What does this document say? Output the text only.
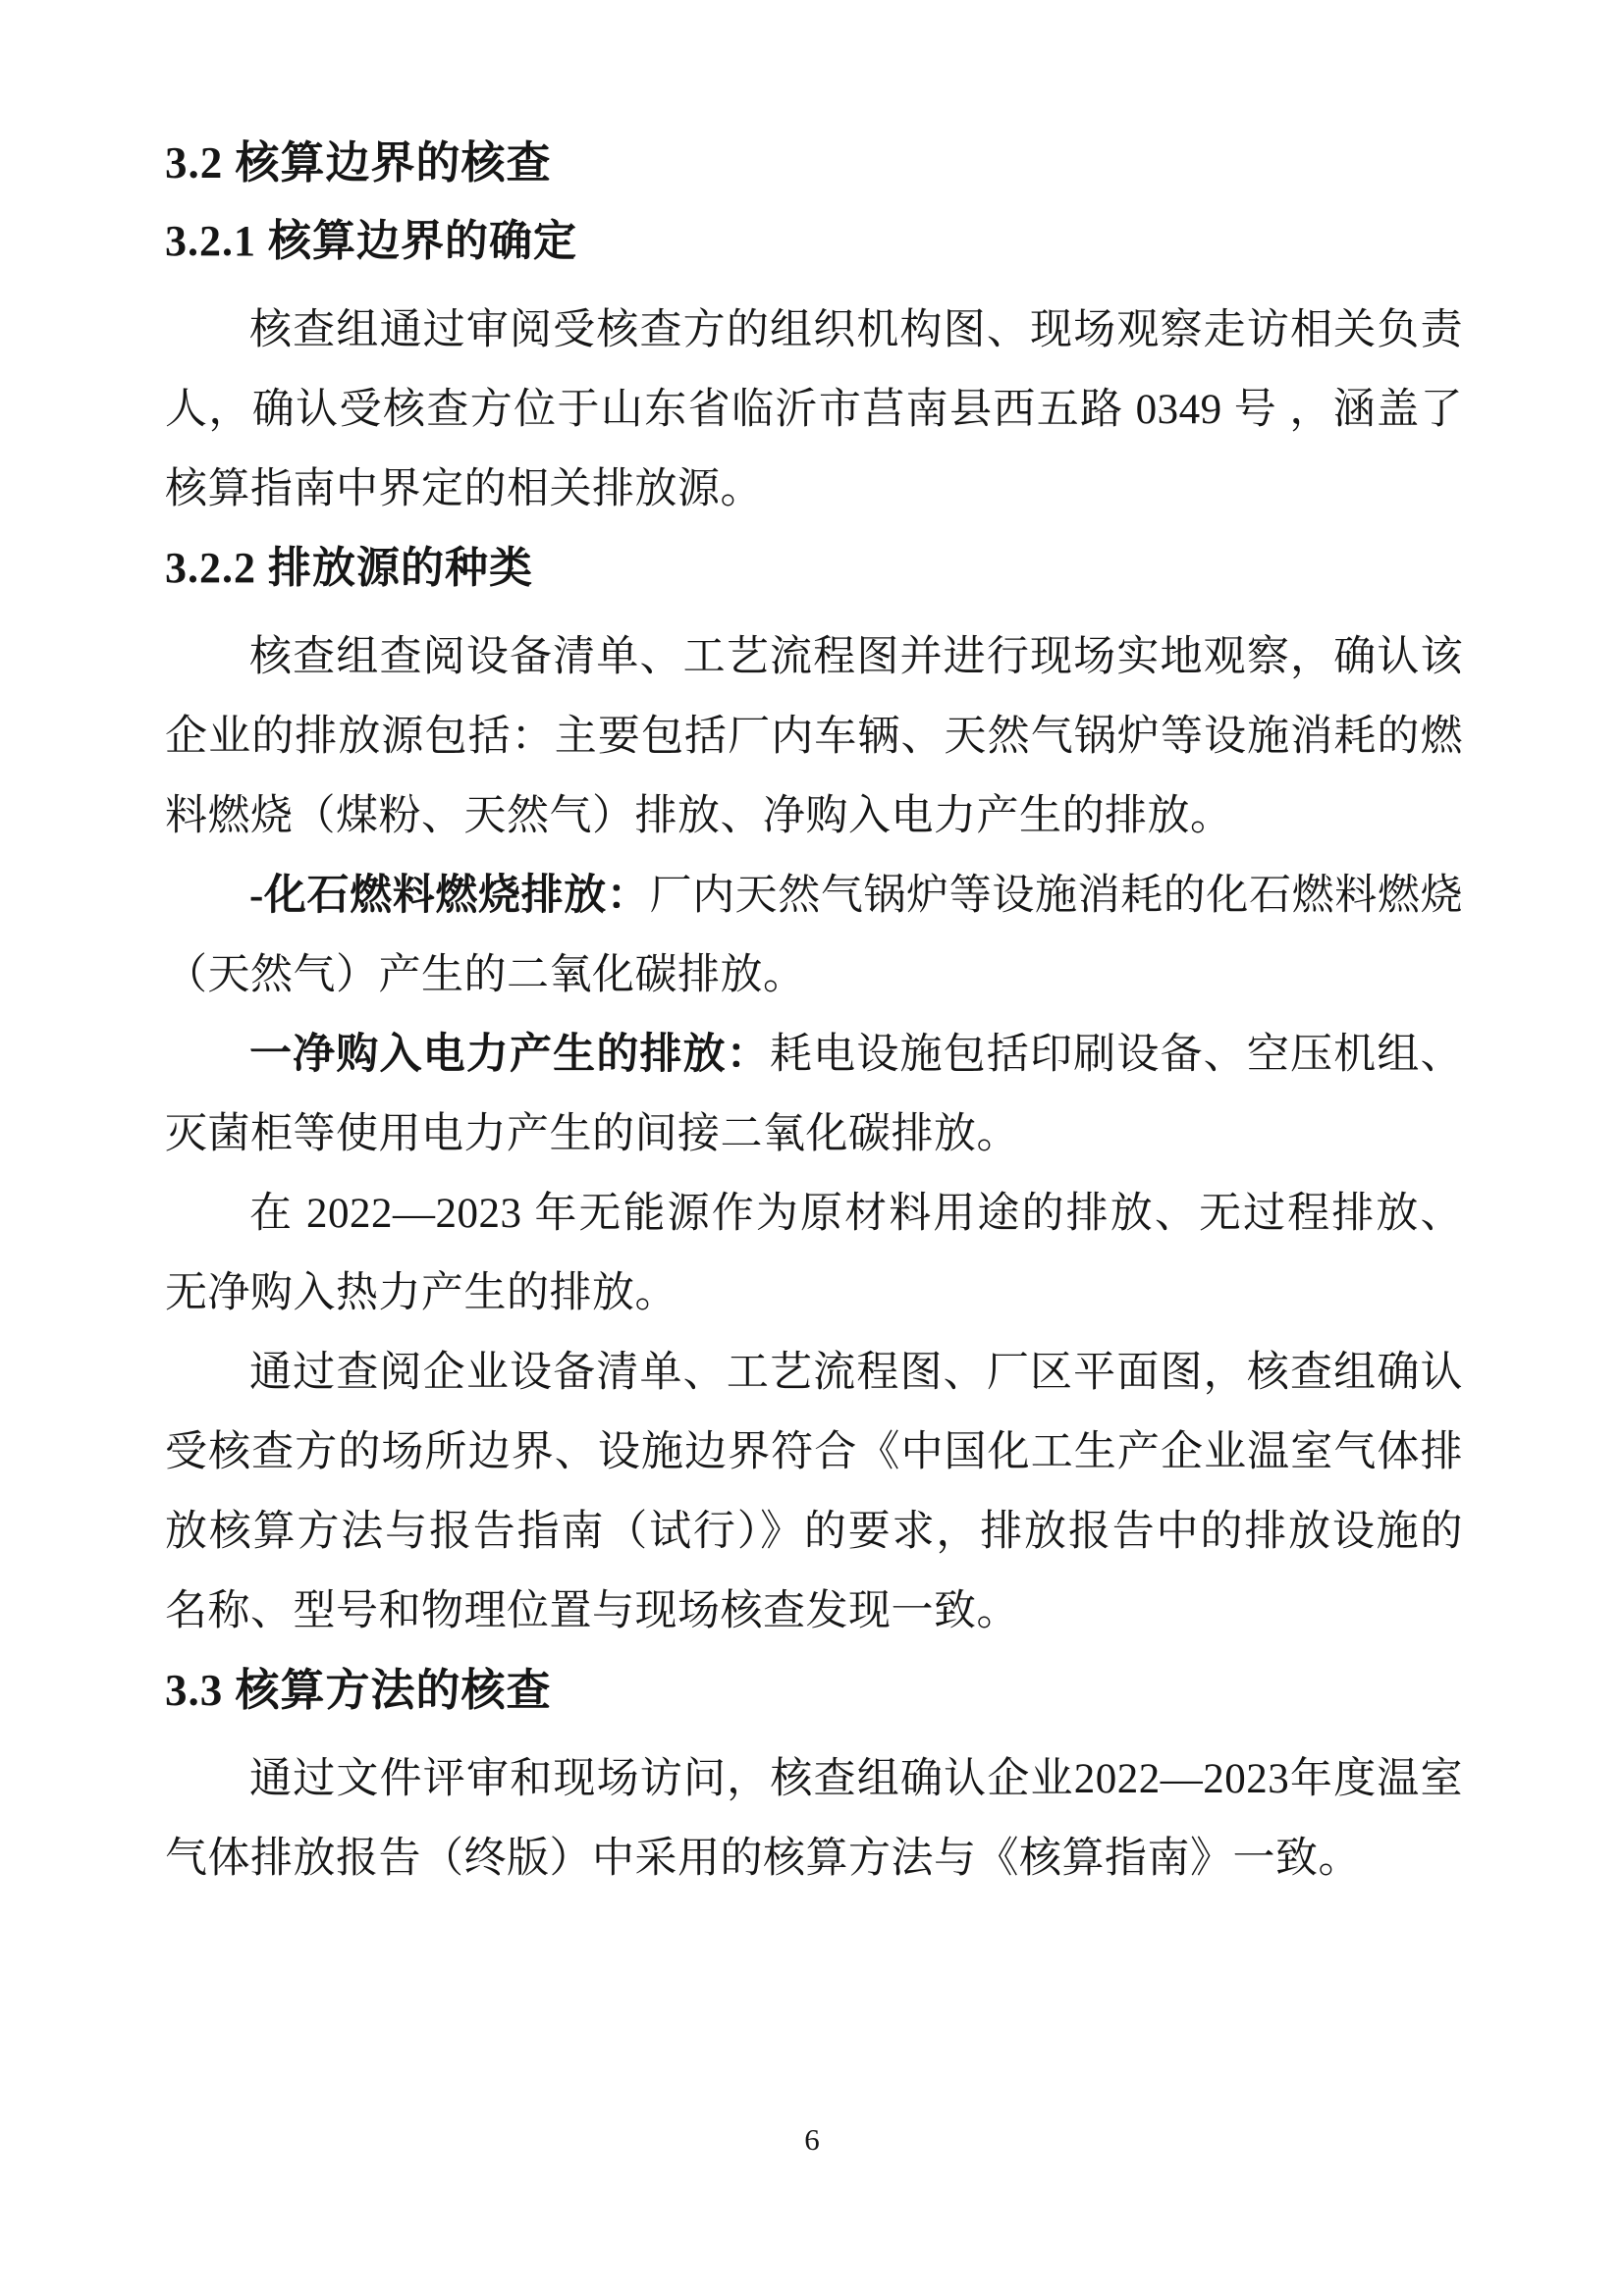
3.2 核算边界的核查
3.2.1 核算边界的确定

核查组通过审阅受核查方的组织机构图、现场观察走访相关负责人，确认受核查方位于山东省临沂市莒南县西五路 0349 号 ，涵盖了核算指南中界定的相关排放源。

3.2.2 排放源的种类

核查组查阅设备清单、工艺流程图并进行现场实地观察，确认该企业的排放源包括：主要包括厂内车辆、天然气锅炉等设施消耗的燃料燃烧（煤粉、天然气）排放、净购入电力产生的排放。

-化石燃料燃烧排放：厂内天然气锅炉等设施消耗的化石燃料燃烧（天然气）产生的二氧化碳排放。

一净购入电力产生的排放：耗电设施包括印刷设备、空压机组、灭菌柜等使用电力产生的间接二氧化碳排放。

在 2022—2023 年无能源作为原材料用途的排放、无过程排放、无净购入热力产生的排放。

通过查阅企业设备清单、工艺流程图、厂区平面图，核查组确认受核查方的场所边界、设施边界符合《中国化工生产企业温室气体排放核算方法与报告指南（试行）》的要求，排放报告中的排放设施的名称、型号和物理位置与现场核查发现一致。

3.3 核算方法的核查

通过文件评审和现场访问，核查组确认企业2022—2023年度温室气体排放报告（终版）中采用的核算方法与《核算指南》一致。

6
